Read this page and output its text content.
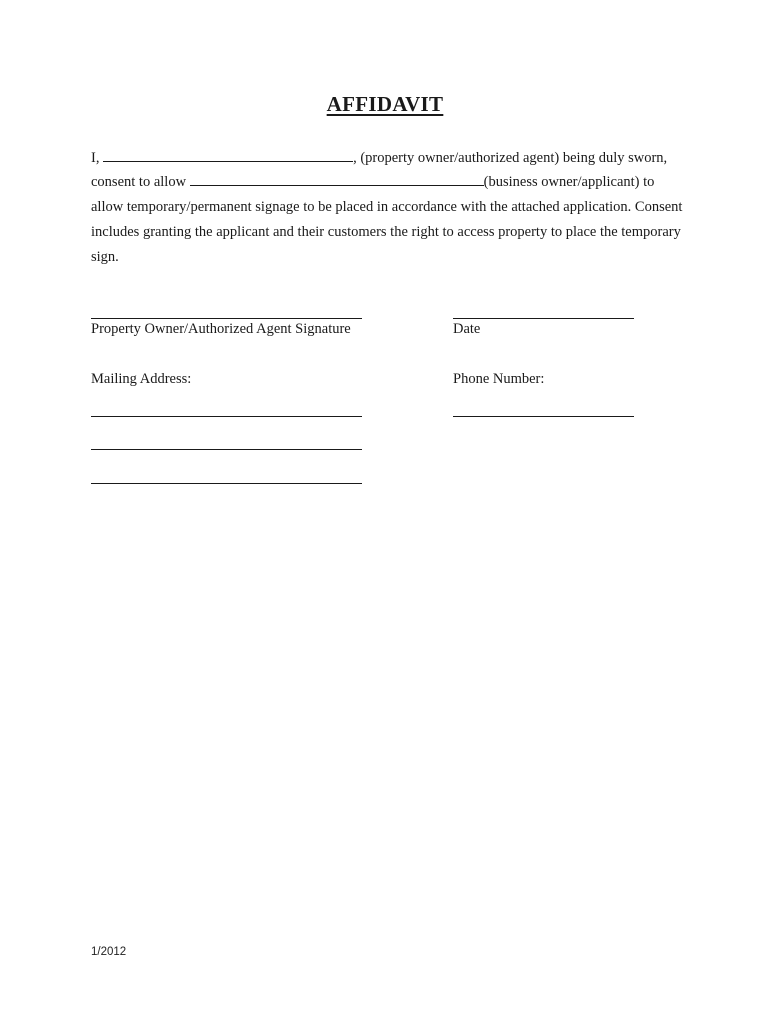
AFFIDAVIT
I,	, (property owner/authorized agent) being duly sworn,
consent to allow	(business owner/applicant) to
allow temporary/permanent signage to be placed in accordance with the attached application. Consent
includes granting the applicant and their customers the right to access property to place the temporary
sign.
Property Owner/Authorized Agent Signature	Date
Mailing Address:	Phone Number:
1/2012
